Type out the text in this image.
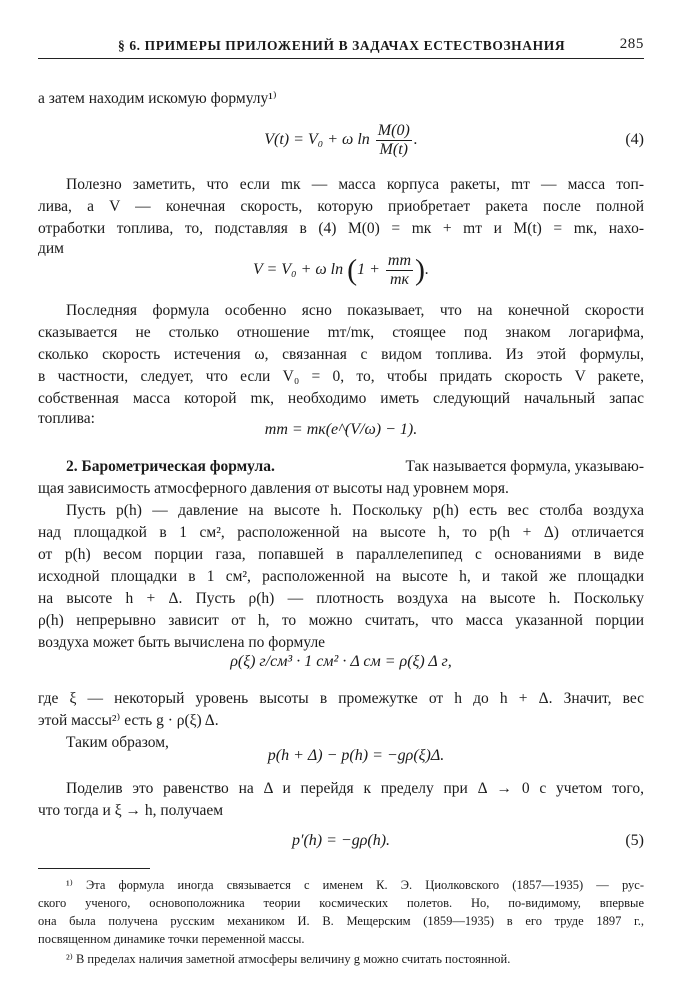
§ 6. ПРИМЕРЫ ПРИЛОЖЕНИЙ В ЗАДАЧАХ ЕСТЕСТВОЗНАНИЯ	285
а затем находим искомую формулу¹⁾
V(t) = V₀ + ω $\ln \frac{M(0)}{M(t)}$ .	(4)
Полезно заметить, что если mк — масса корпуса ракеты, mт — масса топ-
лива, а V — конечная скорость, которую приобретает ракета после полной
отработки топлива, то, подставляя в (4) M(0) = mк + mт и M(t) = mк, нахо-
дим
V = V₀ + ω $\ln (1 + \frac{mт}{mк}$ ).
Последняя формула особенно ясно показывает, что на конечной скорости
сказывается не столько отношение mт/mк, стоящее под знаком логарифма,
сколько скорость истечения ω, связанная с видом топлива. Из этой формулы,
в частности, следует, что если V₀ = 0, то, чтобы придать скорость V ракете,
собственная масса которой mк, необходимо иметь следующий начальный запас
топлива:
mт = mк(e^(V/ω) − 1).
2. Барометрическая формула.	Так называется формула, указываю-
щая зависимость атмосферного давления от высоты над уровнем моря.
Пусть p(h) — давление на высоте h. Поскольку p(h) есть вес столба воздуха
над площадкой в 1 см², расположенной на высоте h, то p(h + Δ) отличается
от p(h) весом порции газа, попавшей в параллелепипед с основаниями в виде
исходной площадки в 1 см², расположенной на высоте h, и такой же площадки
на высоте h + Δ. Пусть ρ(h) — плотность воздуха на высоте h. Поскольку
ρ(h) непрерывно зависит от h, то можно считать, что масса указанной порции
воздуха может быть вычислена по формуле
ρ(ξ) г/см³ · 1 см² · Δ см = ρ(ξ) Δ г,
где ξ — некоторый уровень высоты в промежутке от h до h + Δ. Значит, вес
этой массы²⁾ есть g · ρ(ξ) Δ.
Таким образом,
p(h + Δ) − p(h) = −gρ(ξ)Δ.
Поделив это равенство на Δ и перейдя к пределу при Δ → 0 с учетом того,
что тогда и ξ → h, получаем
p′(h) = −gρ(h).	(5)
¹⁾ Эта формула иногда связывается с именем К. Э. Циолковского (1857—1935) — рус-
ского ученого, основоположника теории космических полетов. Но, по-видимому, впервые
она была получена русским механиком И. В. Мещерским (1859—1935) в его труде 1897 г.,
посвященном динамике точки переменной массы.
²⁾ В пределах наличия заметной атмосферы величину g можно считать постоянной.
